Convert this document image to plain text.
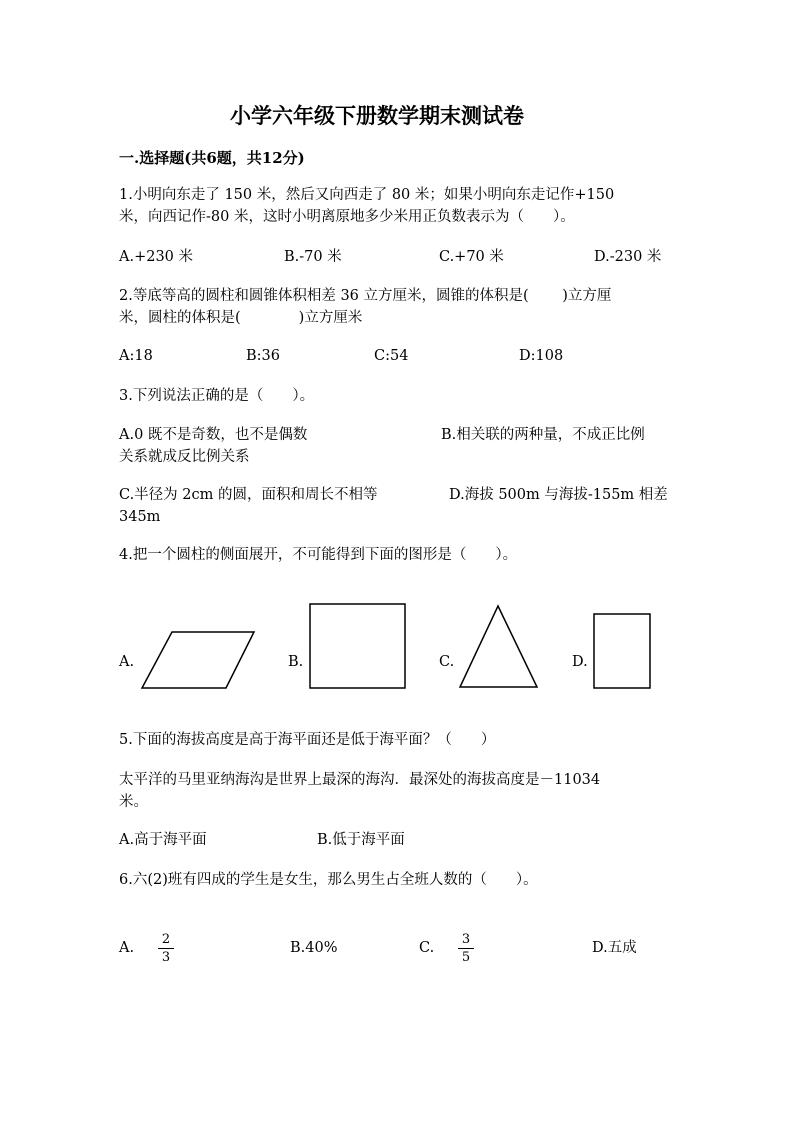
小学六年级下册数学期末测试卷
一.选择题(共6题，共12分)
1.小明向东走了 150 米，然后又向西走了 80 米；如果小明向东走记作+150
米，向西记作-80 米，这时小明离原地多少米用正负数表示为（　　）。
A.+230 米	B.-70 米	C.+70 米	D.-230 米
2.等底等高的圆柱和圆锥体积相差 36 立方厘米，圆锥的体积是(　　 )立方厘
米，圆柱的体积是(　　　　)立方厘米
A:18	B:36	C:54	D:108
3.下列说法正确的是（　　）。
A.0 既不是奇数，也不是偶数	B.相关联的两种量，不成正比例
关系就成反比例关系
C.半径为 2cm 的圆，面积和周长不相等	D.海拔 500m 与海拔-155m 相差
345m
4.把一个圆柱的侧面展开，不可能得到下面的图形是（　　）。
A.	B.	C.	D.
5.下面的海拔高度是高于海平面还是低于海平面？（　　）
太平洋的马里亚纳海沟是世界上最深的海沟．最深处的海拔高度是－11034
米。
A.高于海平面	B.低于海平面
6.六(2)班有四成的学生是女生，那么男生占全班人数的（　　）。
A.
2
3
B.40%	C.
3
5
D.五成
